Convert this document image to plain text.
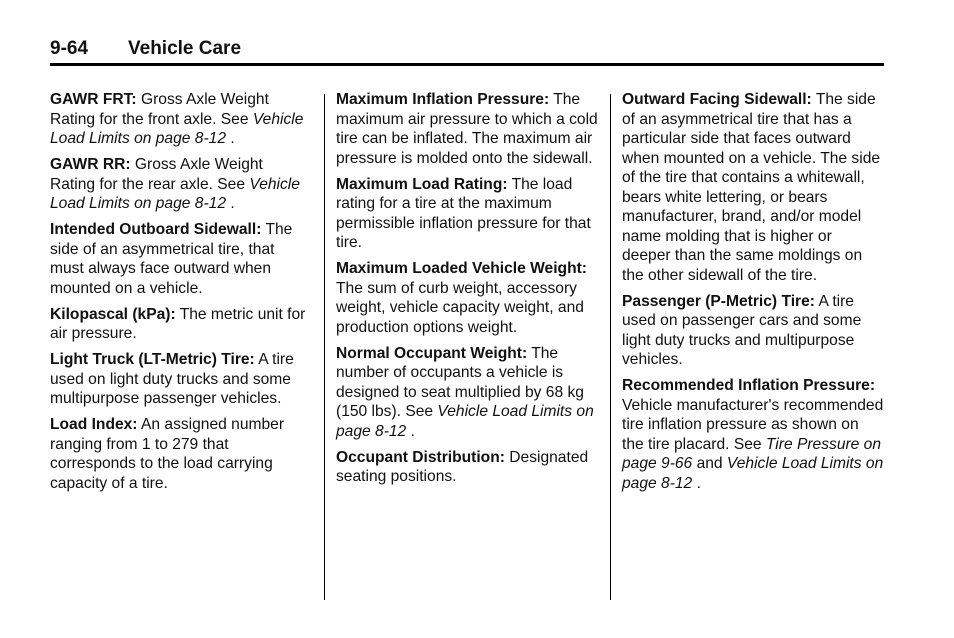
9-64 Vehicle Care

GAWR FRT: Gross Axle Weight Rating for the front axle. See Vehicle Load Limits on page 8-12 .

GAWR RR: Gross Axle Weight Rating for the rear axle. See Vehicle Load Limits on page 8-12 .

Intended Outboard Sidewall: The side of an asymmetrical tire, that must always face outward when mounted on a vehicle.

Kilopascal (kPa): The metric unit for air pressure.

Light Truck (LT-Metric) Tire: A tire used on light duty trucks and some multipurpose passenger vehicles.

Load Index: An assigned number ranging from 1 to 279 that corresponds to the load carrying capacity of a tire.

Maximum Inflation Pressure: The maximum air pressure to which a cold tire can be inflated. The maximum air pressure is molded onto the sidewall.

Maximum Load Rating: The load rating for a tire at the maximum permissible inflation pressure for that tire.

Maximum Loaded Vehicle Weight: The sum of curb weight, accessory weight, vehicle capacity weight, and production options weight.

Normal Occupant Weight: The number of occupants a vehicle is designed to seat multiplied by 68 kg (150 lbs). See Vehicle Load Limits on page 8-12 .

Occupant Distribution: Designated seating positions.

Outward Facing Sidewall: The side of an asymmetrical tire that has a particular side that faces outward when mounted on a vehicle. The side of the tire that contains a whitewall, bears white lettering, or bears manufacturer, brand, and/or model name molding that is higher or deeper than the same moldings on the other sidewall of the tire.

Passenger (P-Metric) Tire: A tire used on passenger cars and some light duty trucks and multipurpose vehicles.

Recommended Inflation Pressure: Vehicle manufacturer's recommended tire inflation pressure as shown on the tire placard. See Tire Pressure on page 9-66 and Vehicle Load Limits on page 8-12 .
